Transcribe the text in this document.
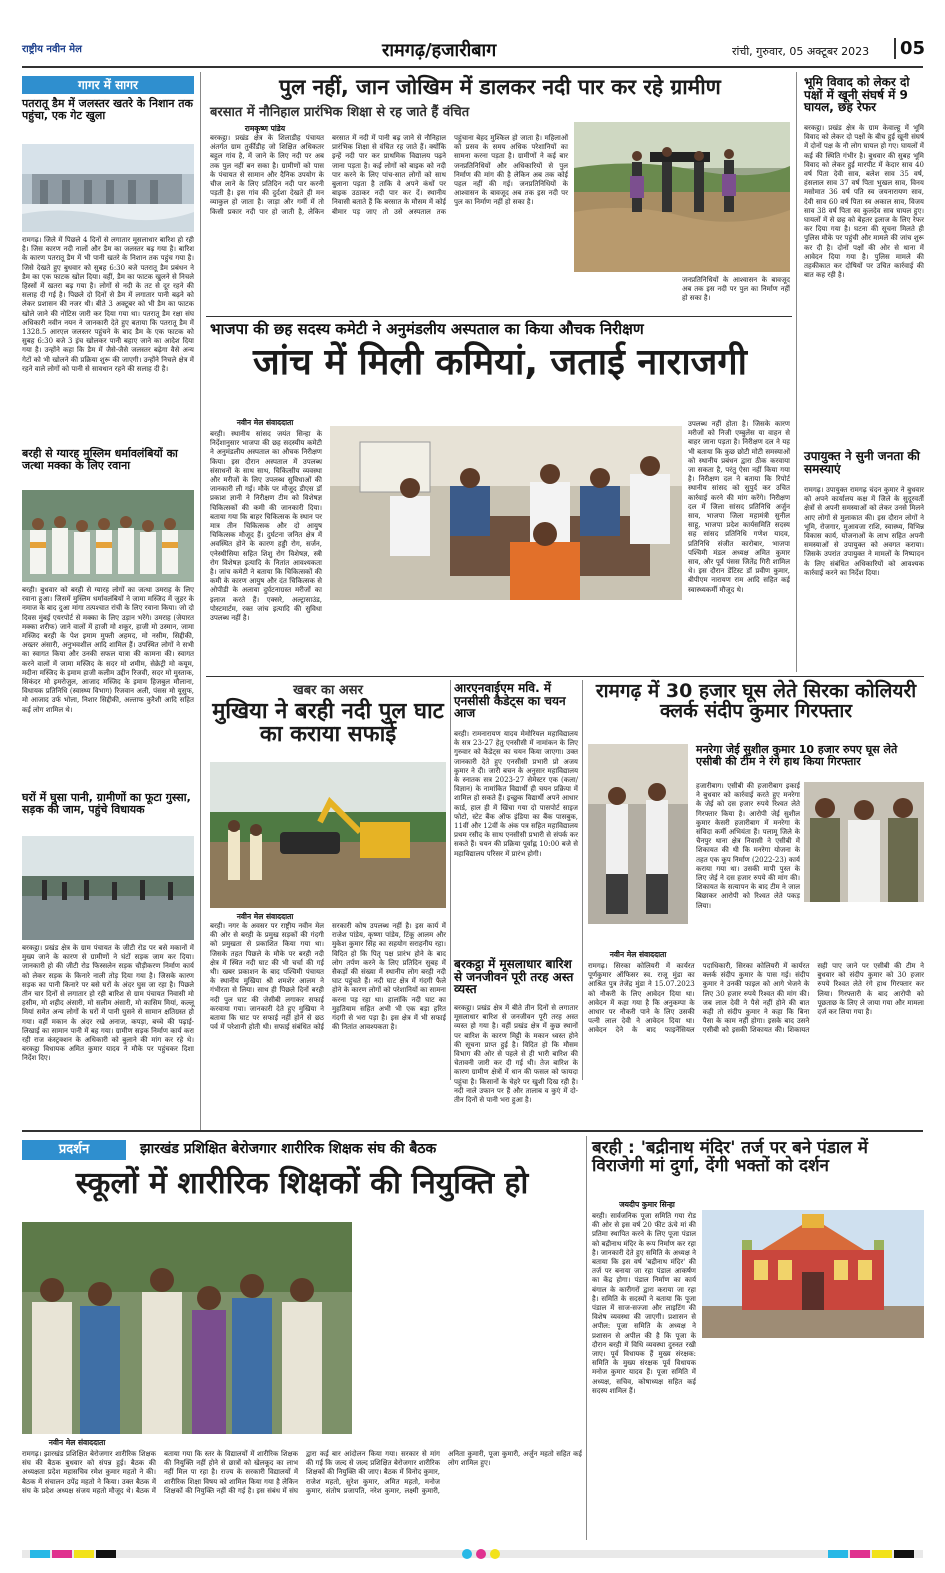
राष्ट्रीय नवीन मेल	रामगढ़/हजारीबाग	रांची, गुरुवार, 05 अक्टूबर 2023	05
गागर में सागर
पतरातू डैम में जलस्तर खतरे के निशान तक पहुंचा, एक गेट खुला
रामगढ़। जिले में पिछले 4 दिनों से लगातार मूसलाधार बारिश हो रही है। जिस कारण नदी नालों और डैम का जलस्तर बढ़ गया है। बारिश के कारण पतरातू डैम में भी पानी खतरे के निशान तक पहुंच गया है। जिसे देखते हुए बुधवार को सुबह 6:30 बजे पतरातू डैम प्रबंधन ने डैम का एक फाटक खोल दिया। वहीं, डैम का फाटक खुलने से निचले हिस्सों में खतरा बढ़ गया है। लोगों से नदी के तट से दूर रहने की सलाह दी गई है। पिछले दो दिनों से डैम में लगातार पानी बढ़ने को लेकर प्रशासन की नजर थी। बीते 3 अक्टूबर को भी डैम का फाटक खोले जाने की नोटिस जारी कर दिया गया था। पतरातू डैम रक्षा संघ अधिकारी नवीन नयन ने जानकारी देते हुए बताया कि पतरातू डैम में 1328.5 आरएल जलस्तर पहुंचने के बाद डैम के एक फाटक को सुबह 6:30 बजे 3 इंच खोलकर पानी बहाए जाने का आदेश दिया गया है। उन्होंने कहा कि डैम में जैसे-जैसे जलस्तर बढ़ेगा वैसे अन्य गेटों को भी खोलने की प्रक्रिया शुरू की जाएगी। उन्होंने निचले क्षेत्र में रहने वाले लोगों को पानी से सावधान रहने की सलाह दी है।
बरही से ग्यारह मुस्लिम धर्मावलंबियों का जत्था मक्का के लिए रवाना
बरही। बुधवार को बरही से ग्यारह लोगों का जत्था उमराह के लिए रवाना हुआ। जिसमें मुस्लिम धर्मावलंबियों ने जामा मस्जिद में जुहर के नमाज के बाद दुआ मांगा तत्पश्चात रांची के लिए रवाना किया। जो दो दिवस मुंबई एयरपोर्ट से मक्का के लिए उड़ान भरेंगे। उमराह (जेयारत मक्का शरीफ) जाने वालों में हाजी मो शकूर, हाजी मो उस्मान, जामा मस्जिद बरही के पेश इमाम मुफ्ती अहमद, मो नसीम, सिद्दीकी, अख्तर अंसारी, अनुभवशील आदि शामिल हैं। उपस्थित लोगों ने सभी का स्वागत किया और उनकी सफल यात्रा की कामना की। स्वागत करने वालों में जामा मस्जिद के सदर मो शमीम, सेक्रेट्री मो कयूम, मदीना मस्जिद के इमाम हाजी कलीम उद्दीन रिजवी, सदर मो मुस्ताक, सिकंदर मो इमरोजुल, आजाद मस्जिद के इमाम हिजबुल मौलाना, विधायक प्रतिनिधि (स्वास्थ्य विभाग) रिजवान अली, पंसस मो यूसुफ, मो आजाद उर्फ भोला, निशार सिद्दीकी, अल्ताफ कुरैशी आदि सहित कई लोग शामिल थे।
घरों में घुसा पानी, ग्रामीणों का फूटा गुस्सा, सड़क की जाम, पहुंचे विधायक
बरकट्ठा। प्रखंड क्षेत्र के ग्राम पंचायत के जीटी रोड पर बसे मकानों में मुख्य जाने के कारण से ग्रामीणों ने घंटों सड़क जाम कर दिया। जानकारी हो की जीटी रोड फिस्सलेन सड़क चौड़ीकरण निर्माण कार्य को लेकर सड़क के किनारे नाली तोड़ दिया गया है। जिसके कारण सड़क का पानी किनारे पर बसे घरों के अंदर घुस जा रहा है। पिछले तीन चार दिनों से लगातार हो रही बारिश से ग्राम पंचायत निवासी मो हसीम, मो शहीद अंसारी, मो सलीम अंसारी, मो कासिम मियां, कल्लू मियां समेत अन्य लोगों के घरों में पानी घुसने से सामान क्षतिग्रस्त हो गया। वहीं मकान के अंदर रखे अनाज, कपड़ा, बच्चे की पढ़ाई-लिखाई का सामान पानी में बह गया। ग्रामीण सड़क निर्माण कार्य करा रही राज कंस्ट्रक्शन के अधिकारी को बुलाने की मांग कर रहे थे। बरकट्ठा विधायक अमित कुमार यादव ने मौके पर पहुंचकर दिशा निर्देश दिए।
पुल नहीं, जान जोखिम में डालकर नदी पार कर रहे ग्रामीण
बरसात में नौनिहाल प्रारंभिक शिक्षा से रह जाते हैं वंचित
रामकृष्ण पांडेय
बरकट्ठा। प्रखंड क्षेत्र के शिलाडीह पंचायत अंतर्गत ग्राम तुर्कीडीह जो शिक्षित अधिकतर बहुल गांव है, में जाने के लिए नदी पर अब तक पुल नहीं बन सका है। ग्रामीणों को पास के पंचायत से सामान और दैनिक उपयोग के चीज लाने के लिए प्रतिदिन नदी पार करनी पड़ती है। इस गांव की दुर्दशा देखते ही मन व्याकुल हो जाता है। जाड़ा और गर्मी में तो किसी प्रकार नदी पार हो जाती है, लेकिन बरसात में नदी में पानी बढ़ जाने से नौनिहाल प्रारंभिक शिक्षा से वंचित रह जाते हैं। क्योंकि इन्हें नदी पार कर प्राथमिक विद्यालय पढ़ने जाना पड़ता है। कई लोगों को बाइक को नदी पार करने के लिए पांच-सात लोगों को साथ बुलाना पड़ता है ताकि वे अपने कंधों पर बाइक उठाकर नदी पार कर दें। स्थानीय निवासी बताते हैं कि बरसात के मौसम में कोई बीमार पड़ जाए तो उसे अस्पताल तक पहुंचाना बेहद मुश्किल हो जाता है। महिलाओं को प्रसव के समय अधिक परेशानियों का सामना करना पड़ता है। ग्रामीणों ने कई बार जनप्रतिनिधियों और अधिकारियों से पुल निर्माण की मांग की है लेकिन अब तक कोई पहल नहीं की गई। जनप्रतिनिधियों के आश्वासन के बावजूद अब तक इस नदी पर पुल का निर्माण नहीं हो सका है।
जनप्रतिनिधियों के आश्वासन के बावजूद अब तक इस नदी पर पुल का निर्माण नहीं हो सका है।
भूमि विवाद को लेकर दो पक्षों में खूनी संघर्ष में 9 घायल, छह रेफर
बरकट्ठा। प्रखंड क्षेत्र के ग्राम केवाल्हू में भूमि विवाद को लेकर दो पक्षों के बीच हुई खूनी संघर्ष में दोनों पक्ष के नौ लोग घायल हो गए। घायलों में कई की स्थिति गंभीर है। बुधवार की सुबह भूमि विवाद को लेकर हुई मारपीट में केदार साव 40 वर्ष पिता देवी साव, बलेश साव 35 वर्ष, हंसलाल साव 37 वर्ष पिता भुखल साव, विनय मसोमात 36 वर्ष पति स्व जयनारायण साव, देवी साव 60 वर्ष पिता स्व अकाल साव, विजय साव 38 वर्ष पिता स्व कुलदेव साव घायल हुए। घायलों में से छह को बेहतर इलाज के लिए रेफर कर दिया गया है। घटना की सूचना मिलते ही पुलिस मौके पर पहुंची और मामले की जांच शुरू कर दी है। दोनों पक्षों की ओर से थाना में आवेदन दिया गया है। पुलिस मामले की तहकीकात कर दोषियों पर उचित कार्रवाई की बात कह रही है।
उपायुक्त ने सुनी जनता की समस्याएं
रामगढ़। उपायुक्त रामगढ़ चंदन कुमार ने बुधवार को अपने कार्यालय कक्ष में जिले के सुदूरवर्ती क्षेत्रों से अपनी समस्याओं को लेकर उनसे मिलने आए लोगों से मुलाकात की। इस दौरान लोगों ने भूमि, रोजगार, मुआवजा राशि, स्वास्थ्य, विभिन्न विकास कार्य, योजनाओं के लाभ सहित अपनी समस्याओं से उपायुक्त को अवगत कराया। जिसके उपरांत उपायुक्त ने मामलों के निष्पादन के लिए संबंधित अधिकारियों को आवश्यक कार्रवाई करने का निर्देश दिया।
भाजपा की छह सदस्य कमेटी ने अनुमंडलीय अस्पताल का किया औचक निरीक्षण
जांच में मिली कमियां, जताई नाराजगी
नवीन मेल संवाददाता
बरही। स्थानीय सांसद जयंत सिन्हा के निर्देशानुसार भाजपा की छह सदस्यीय कमेटी ने अनुमंडलीय अस्पताल का औचक निरीक्षण किया। इस दौरान अस्पताल में उपलब्ध संसाधनों के साथ साथ, चिकित्सीय व्यवस्था और मरीजों के लिए उपलब्ध सुविधाओं की जानकारी ली गई। मौके पर मौजूद डीएस डॉ प्रकाश ज्ञानी ने निरीक्षण टीम को विशेषज्ञ चिकित्सकों की कमी की जानकारी दिया। बताया गया कि बाहर चिकित्सक के स्थान पर मात्र तीन चिकित्सक और दो आयुष चिकित्सक मौजूद हैं। दुर्घटना जनित क्षेत्र में अवस्थित होने के कारण हड्डी रोग, सर्जन, एनेस्थीसिया सहित शिशु रोग विशेषज्ञ, स्त्री रोग विशेषज्ञ इत्यादि के नितांत आवश्यकता है। जांच कमेटी ने बताया कि चिकित्सकों की कमी के कारण आयुष और दंत चिकित्सक से ओपीडी के अलावा दुर्घटनाग्रस्त मरीजों का इलाज करते हैं। एक्सरे, अल्ट्रासाउंड, पोस्टमार्टम, रक्त जांच इत्यादि की सुविधा उपलब्ध नहीं है।
उपलब्ध नहीं होता है। जिसके कारण मरीजों को निजी एम्बुलेंस या वाहन से बाहर जाना पड़ता है। निरीक्षण दल ने यह भी बताया कि कुछ छोटी मोटी समस्याओं को स्थानीय प्रबंधन द्वारा ठीक करवाया जा सकता है, परंतु ऐसा नहीं किया गया है। निरीक्षण दल ने बताया कि रिपोर्ट स्थानीय सांसद को सुपुर्द कर उचित कार्रवाई करने की मांग करेंगे। निरीक्षण दल में जिला सांसद प्रतिनिधि अर्जुन साव, भाजपा जिला महामंत्री सुनील साहू, भाजपा प्रदेश कार्यसमिति सदस्य सह सांसद प्रतिनिधि गणेश यादव, प्रतिनिधि संजीत कारोबार, भाजपा पश्चिमी मंडल अध्यक्ष अमित कुमार साव, और पूर्व पंसस जितेंद्र गिरी शामिल थे। इस दौरान डेंटिस्ट डॉ प्रवीण कुमार, बीपीएम नारायण राम आदि सहित कई स्वास्थ्यकर्मी मौजूद थे।
खबर का असर
मुखिया ने बरही नदी पुल घाट का कराया सफाई
नवीन मेल संवाददाता
बरही। नगर के अवसर पर राष्ट्रीय नवीन मेल की ओर से बरही के प्रमुख सड़कों की गंदगी को प्रमुखता से प्रकाशित किया गया था। जिसके तहत पिछले के मौके पर बरही नदी क्षेत्र में स्थित नदी घाट की भी चर्चा की गई थी। खबर प्रकाशन के बाद पश्चिमी पंचायत के स्थानीय मुखिया श्री शमशेर आलम ने गंभीरता से लिया। साथ ही पिछले दिनों बरही नदी पुल घाट की जेसीबी लगाकर सफाई करवाया गया। जानकारी देते हुए मुखिया ने बताया कि घाट पर सफाई नहीं होने से छठ पर्व में परेशानी होती थी। सफाई संबंधित कोई सरकारी कोष उपलब्ध नहीं है। इस कार्य में राजेश पांडेय, कृष्णा पांडेय, टिंकू आलम और मुकेश कुमार सिंह का सहयोग सराहनीय रहा। विदित हो कि पितृ पक्ष प्रारंभ होने के बाद लोग तर्पण करने के लिए प्रतिदिन सुबह में सैकड़ों की संख्या में स्थानीय लोग बरही नदी घाट पहुंचते हैं। नदी घाट क्षेत्र में गंदगी फैले होने के कारण लोगों को परेशानियों का सामना करना पड़ रहा था। हालांकि नदी घाट का मुहतियाम सहित अभी भी एक बड़ा हरित गंदगी से भरा पड़ा है। इस क्षेत्र में भी सफाई की नितांत आवश्यकता है।
आरएनवाईएम मवि. में एनसीसी कैडेट्स का चयन आज
बरही। रामनारायण यादव मेमोरियल महाविद्यालय के सत्र 23-27 हेतु एनसीसी में नामांकन के लिए गुरुवार को कैडेट्स का चयन किया जाएगा। उक्त जानकारी देते हुए एनसीसी प्रभारी प्रो अजय कुमार ने दी। जारी बचन के अनुसार महाविद्यालय के स्नातक सत्र 2023-27 सेमेस्टर एक (कला/विज्ञान) के नामांकित विद्यार्थी ही चयन प्रक्रिया में शामिल हो सकते हैं। इच्छुक विद्यार्थी अपने आधार कार्ड, हाल ही में खिंचा गया दो पासपोर्ट साइज फोटो, स्टेट बैंक ऑफ इंडिया का बैंक पासबुक, 11वीं और 12वीं के अंक पत्र सहित महाविद्यालय प्रथम रसीद के साथ एनसीसी प्रभारी से संपर्क कर सकते हैं। चयन की प्रक्रिया पूर्वाह्न 10:00 बजे से महाविद्यालय परिसर में प्रारंभ होगी।
बरकट्ठा में मूसलाधार बारिश से जनजीवन पूरी तरह अस्त व्यस्त
बरकट्ठा। प्रखंड क्षेत्र में बीते तीन दिनों से लगातार मूसलाधार बारिश से जनजीवन पूरी तरह अस्त व्यस्त हो गया है। वहीं प्रखंड क्षेत्र में कुछ स्थानों पर बारिश के कारण मिट्टी के मकान ध्वस्त होने की सूचना प्राप्त हुई है। विदित हो कि मौसम विभाग की ओर से पहले से ही भारी बारिश की चेतावनी जारी कर दी गई थी। तेज बारिश के कारण ग्रामीण क्षेत्रों में धान की फसल को फायदा पहुंचा है। किसानों के चेहरे पर खुशी दिख रही है। नदी नाले उफान पर हैं और तालाब व कुएं में दो-तीन दिनों से पानी भरा हुआ है।
रामगढ़ में 30 हजार घूस लेते सिरका कोलियरी क्लर्क संदीप कुमार गिरफ्तार
नवीन मेल संवाददाता
मनरेगा जेई सुशील कुमार 10 हजार रुपए घूस लेते एसीबी की टीम ने रंगे हाथ किया गिरफ्तार
हजारीबाग। एसीबी की हजारीबाग इकाई ने बुधवार को कार्रवाई करते हुए मनरेगा के जेई को दस हजार रुपये रिश्वत लेते गिरफ्तार किया है। आरोपी जेई सुशील कुमार केसरी हजारीबाग में मनरेगा के संविदा कर्मी अभियंता हैं। पलामू जिले के चैनपुर थाना क्षेत्र निवासी ने एसीबी में शिकायत की थी कि मनरेगा योजना के तहत एक कूप निर्माण (2022-23) कार्य कराया गया था। उसकी मापी पुस्त के लिए जेई ने दस हजार रुपये की मांग की। शिकायत के सत्यापन के बाद टीम ने जाल बिछाकर आरोपी को रिश्वत लेते पकड़ लिया।
रामगढ़। सिरका कोलियरी में कार्यरत पूर्णकुमार ऑफिसर स्व. राजू मुंडा का आश्रित पुत्र तेजेंद्र मुंडा ने 15.07.2023 को नौकरी के लिए आवेदन दिया था। आवेदन में कहा गया है कि अनुकम्पा के आधार पर नौकरी पाने के लिए उसकी पत्नी लाल देवी ने आवेदन दिया था। आवेदन देने के बाद फाइनेंसियल पदाधिकारी, सिरका कोलियरी में कार्यरत क्लर्क संदीप कुमार के पास गई। संदीप कुमार ने उनकी फाइल को आगे भेजने के लिए 30 हजार रुपये रिश्वत की मांग की। जब लाल देवी ने पैसे नहीं होने की बात कही तो संदीप कुमार ने कहा कि बिना पैसा के काम नहीं होगा। इसके बाद उसने एसीबी को इसकी शिकायत की। शिकायत सही पाए जाने पर एसीबी की टीम ने बुधवार को संदीप कुमार को 30 हजार रुपये रिश्वत लेते रंगे हाथ गिरफ्तार कर लिया। गिरफ्तारी के बाद आरोपी को पूछताछ के लिए ले जाया गया और मामला दर्ज कर लिया गया है।
प्रदर्शन	झारखंड प्रशिक्षित बेरोजगार शारीरिक शिक्षक संघ की बैठक
स्कूलों में शारीरिक शिक्षकों की नियुक्ति हो
नवीन मेल संवाददाता
रामगढ़। झारखंड प्रशिक्षित बेरोजगार शारीरिक शिक्षक संघ की बैठक बुधवार को संपन्न हुई। बैठक की अध्यक्षता प्रदेश महासचिव रमेश कुमार महतो ने की। बैठक में संचालन उपेंद्र महतो ने किया। उक्त बैठक में संघ के प्रदेश अध्यक्ष संजय महतो मौजूद थे। बैठक में बताया गया कि स्तर के विद्यालयों में शारीरिक शिक्षक की नियुक्ति नहीं होने से छात्रों को खेलकूद का लाभ नहीं मिल पा रहा है। राज्य के सरकारी विद्यालयों में शारीरिक शिक्षा विषय को शामिल किया गया है लेकिन शिक्षकों की नियुक्ति नहीं की गई है। इस संबंध में संघ द्वारा कई बार आंदोलन किया गया। सरकार से मांग की गई कि जल्द से जल्द प्रशिक्षित बेरोजगार शारीरिक शिक्षकों की नियुक्ति की जाए। बैठक में विनोद कुमार, राजेश महतो, सुरेश कुमार, अमित महतो, मनोज कुमार, संतोष प्रजापति, नरेश कुमार, लक्ष्मी कुमारी, अनिता कुमारी, पूजा कुमारी, अर्जुन महतो सहित कई लोग शामिल हुए।
बरही : 'बद्रीनाथ मंदिर' तर्ज पर बने पंडाल में विराजेगी मां दुर्गा, देंगी भक्तों को दर्शन
जयदीप कुमार सिन्हा
बरही। सार्वजनिक पूजा समिति गया रोड की ओर से इस वर्ष 20 फीट ऊंचे मां की प्रतिमा स्थापित करने के लिए पूजा पंडाल को बद्रीनाथ मंदिर के रूप निर्माण कर रहा है। जानकारी देते हुए समिति के अध्यक्ष ने बताया कि इस वर्ष 'बद्रीनाथ मंदिर' की तर्ज पर बनाया जा रहा पंडाल आकर्षण का केंद्र होगा। पंडाल निर्माण का कार्य बंगाल के कारीगरों द्वारा कराया जा रहा है। समिति के सदस्यों ने बताया कि पूजा पंडाल में साज-सज्जा और लाइटिंग की विशेष व्यवस्था की जाएगी। प्रशासन से अपील: पूजा समिति के अध्यक्ष ने प्रशासन से अपील की है कि पूजा के दौरान बरही में विधि व्यवस्था दुरुस्त रखी जाए। पूर्व विधायक हैं मुख्य संरक्षक: समिति के मुख्य संरक्षक पूर्व विधायक मनोज कुमार यादव हैं। पूजा समिति में अध्यक्ष, सचिव, कोषाध्यक्ष सहित कई सदस्य शामिल हैं।
